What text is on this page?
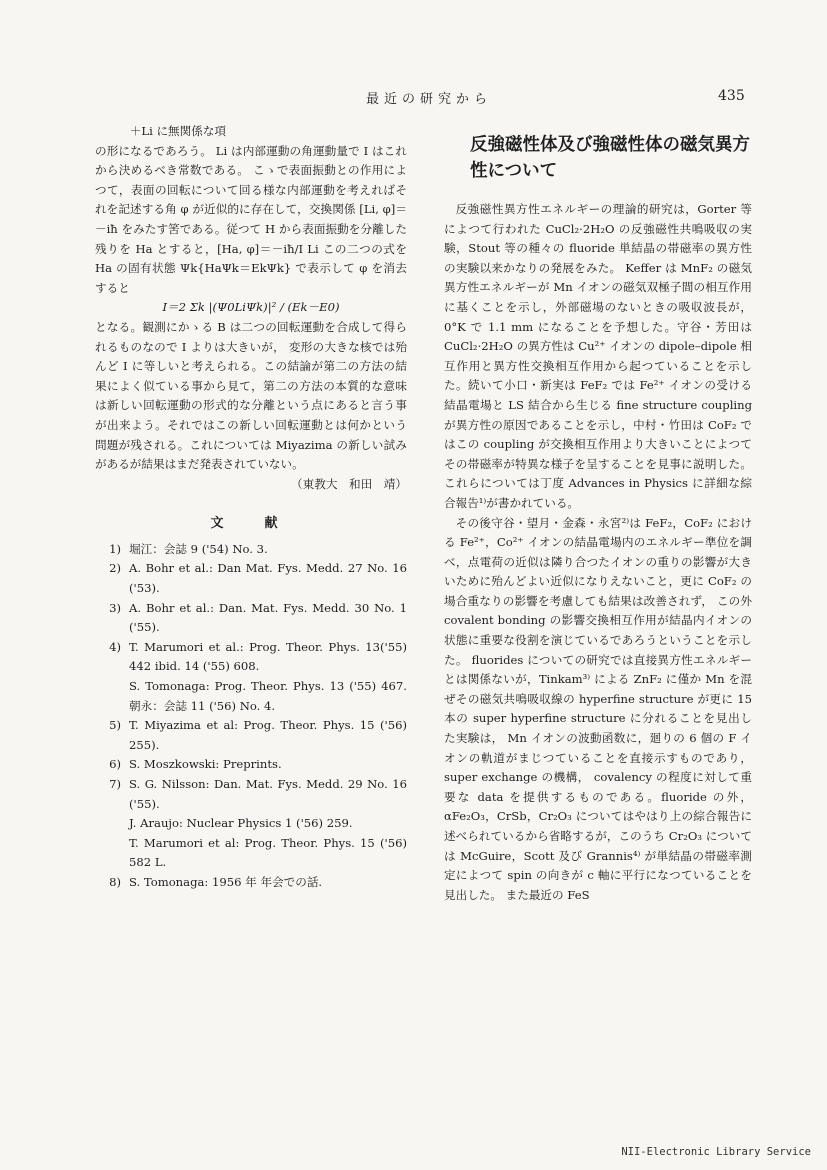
最近の研究から	435

＋Li に無関係な項

の形になるであろう。 Li は内部運動の角運動量で I はこれから決めるべき常数である。 こゝで表面振動との作用によつて，表面の回転について回る様な内部運動を考えればそれを記述する角 φ が近似的に存在して，交換関係 [Li, φ]＝－iħ をみたす筈である。従つて H から表面振動を分離した残りを Ha とすると，[Ha, φ]＝－iħ/I Li この二つの式を Ha の固有状態 Ψk{HaΨk＝EkΨk} で表示して φ を消去すると

I＝2 Σk |(Ψ0LiΨk)|² / (Ek－E0)

となる。観測にかゝる B は二つの回転運動を合成して得られるものなので I よりは大きいが， 変形の大きな核では殆んど I に等しいと考えられる。この結論が第二の方法の結果によく似ている事から見て，第二の方法の本質的な意味は新しい回転運動の形式的な分離という点にあると言う事が出来よう。それではこの新しい回転運動とは何かという問題が残される。これについては Miyazima の新しい試みがあるが結果はまだ発表されていない。

（東教大　和田　靖）

文　献
1) 堀江：会誌 9 ('54) No. 3.
2) A. Bohr et al.: Dan Mat. Fys. Medd. 27 No. 16 ('53).
3) A. Bohr et al.: Dan. Mat. Fys. Medd. 30 No. 1 ('55).
4) T. Marumori et al.: Prog. Theor. Phys. 13('55) 442 ibid. 14 ('55) 608.
S. Tomonaga: Prog. Theor. Phys. 13 ('55) 467. 朝永：会誌 11 ('56) No. 4.
5) T. Miyazima et al: Prog. Theor. Phys. 15 ('56) 255).
6) S. Moszkowski: Preprints.
7) S. G. Nilsson: Dan. Mat. Fys. Medd. 29 No. 16 ('55).
J. Araujo: Nuclear Physics 1 ('56) 259.
T. Marumori et al: Prog. Theor. Phys. 15 ('56) 582 L.
8) S. Tomonaga: 1956 年 年会での話.
反強磁性体及び強磁性体の磁気異方性について

反強磁性異方性エネルギーの理論的研究は，Gorter 等によつて行われた CuCl₂·2H₂O の反強磁性共鳴吸収の実験，Stout 等の種々の fluoride 単結晶の帯磁率の異方性の実験以来かなりの発展をみた。 Keffer は MnF₂ の磁気異方性エネルギーが Mn イオンの磁気双極子間の相互作用に基くことを示し，外部磁場のないときの吸収波長が，0°K で 1.1 mm になることを予想した。守谷・芳田は CuCl₂·2H₂O の異方性は Cu²⁺ イオンの dipole–dipole 相互作用と異方性交換相互作用から起つていることを示した。続いて小口・新実は FeF₂ では Fe²⁺ イオンの受ける結晶電場と LS 結合から生じる fine structure coupling が異方性の原因であることを示し，中村・竹田は CoF₂ ではこの coupling が交換相互作用より大きいことによつてその帯磁率が特異な様子を呈することを見事に説明した。これらについては丁度 Advances in Physics に詳細な綜合報告¹⁾が書かれている。

その後守谷・望月・金森・永宮²⁾は FeF₂，CoF₂ における Fe²⁺，Co²⁺ イオンの結晶電場内のエネルギー準位を調べ，点電荷の近似は隣り合つたイオンの重りの影響が大きいために殆んどよい近似になりえないこと，更に CoF₂ の場合重なりの影響を考慮しても結果は改善されず， この外 covalent bonding の影響交換相互作用が結晶内イオンの状態に重要な役割を演じているであろうということを示した。 fluorides についての研究では直接異方性エネルギーとは関係ないが，Tinkam³⁾ による ZnF₂ に僅か Mn を混ぜその磁気共鳴吸収線の hyperfine structure が更に 15 本の super hyperfine structure に分れることを見出した実験は， Mn イオンの波動函数に，廻りの 6 個の F イオンの軌道がまじつていることを直接示すものであり，super exchange の機構， covalency の程度に対して重要な data を提供するものである。fluoride の外，αFe₂O₃，CrSb，Cr₂O₃ についてはやはり上の綜合報告に述べられているから省略するが，このうち Cr₂O₃ については McGuire，Scott 及び Grannis⁴⁾ が単結晶の帯磁率測定によつて spin の向きが c 軸に平行になつていることを見出した。 また最近の FeS

NII-Electronic Library Service
